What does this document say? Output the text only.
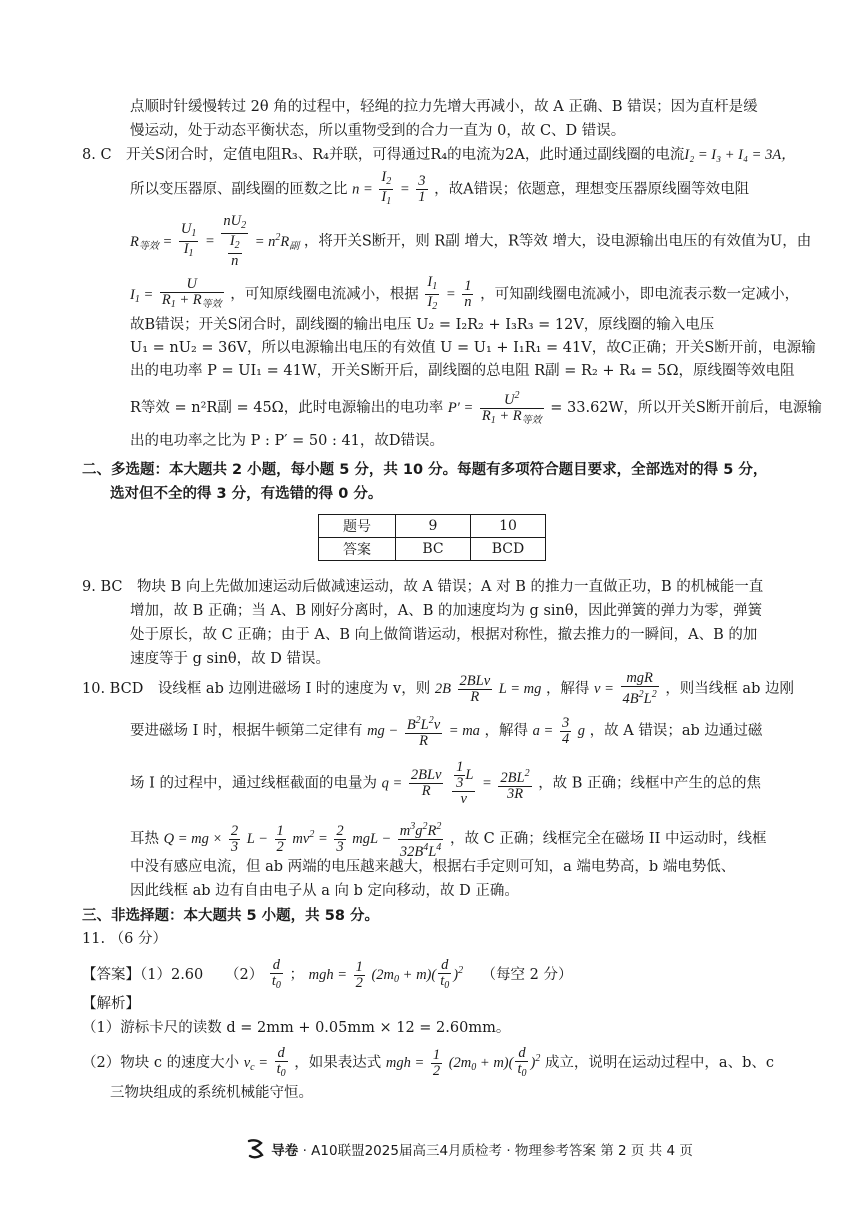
点顺时针缓慢转过 2θ 角的过程中，轻绳的拉力先增大再减小，故 A 正确、B 错误；因为直杆是缓
慢运动，处于动态平衡状态，所以重物受到的合力一直为 0，故 C、D 错误。
8. C　开关S闭合时，定值电阻R₃、R₄并联，可得通过R₄的电流为2A，此时通过副线圈的电流I₂ = I₃ + I₄ = 3A，
所以变压器原、副线圈的匝数之比 $n = \frac{I_2}{I_1} = \frac{3}{1}$ ，故A错误；依题意，理想变压器原线圈等效电阻
$R_{等效} = \frac{U_1}{I_1} = \frac{nU_2}{\frac{I_2}{n}} = n^2R_副$ ，将开关S断开，则 R副 增大，R等效 增大，设电源输出电压的有效值为U，由
$I_1 = \frac{U}{R_1 + R_{等效}}$ ，可知原线圈电流减小，根据 $\frac{I_1}{I_2} = \frac{1}{n}$ ，可知副线圈电流减小，即电流表示数一定减小，
故B错误；开关S闭合时，副线圈的输出电压 U₂ = I₂R₂ + I₃R₃ = 12V，原线圈的输入电压
U₁ = nU₂ = 36V，所以电源输出电压的有效值 U = U₁ + I₁R₁ = 41V，故C正确；开关S断开前，电源输
出的电功率 P = UI₁ = 41W，开关S断开后，副线圈的总电阻 R副 = R₂ + R₄ = 5Ω，原线圈等效电阻
R等效 = n²R副 = 45Ω，此时电源输出的电功率 $P' = \frac{U^2}{R_1 + R_{等效}} = 33.62W$，所以开关S断开前后，电源输
出的电功率之比为 P : P′ = 50 : 41，故D错误。
二、多选题：本大题共 2 小题，每小题 5 分，共 10 分。每题有多项符合题目要求，全部选对的得 5 分，
选对但不全的得 3 分，有选错的得 0 分。
题号	9	10
答案	BC	BCD
9. BC　物块 B 向上先做加速运动后做减速运动，故 A 错误；A 对 B 的推力一直做正功，B 的机械能一直
增加，故 B 正确；当 A、B 刚好分离时，A、B 的加速度均为 g sinθ，因此弹簧的弹力为零，弹簧
处于原长，故 C 正确；由于 A、B 向上做简谐运动，根据对称性，撤去推力的一瞬间，A、B 的加
速度等于 g sinθ，故 D 错误。
10. BCD　设线框 ab 边刚进磁场 I 时的速度为 v，则 $2B \frac{\text{2BLv}}{R}$ L = mg ，解得 $v = \frac{\text{mgR}}{4B^2L^2}$ ，则当线框 ab 边刚
要进磁场 I 时，根据牛顿第二定律有 mg − $\frac{B^2L^2v}{R}$ = ma ，解得 $a = \frac{3}{4}$ g ，故 A 错误；ab 边通过磁
场 I 的过程中，通过线框截面的电量为 $q = \frac{\text{2BLv}}{R}$
$\frac{\frac{1}{3} L}{v} = \frac{2BL^2}{3R}$ ，故 B 正确；线框中产生的总的焦
耳热 Q = mg × $\frac{2}{3}$ $L - \frac{1}{2} mv^2 = \frac{2}{3}$ mgL − $\frac{m^3g^2R^2}{32B^4L^4}$ ，故 C 正确；线框完全在磁场 II 中运动时，线框
中没有感应电流，但 ab 两端的电压越来越大，根据右手定则可知，a 端电势高，b 端电势低、
因此线框 ab 边有自由电子从 a 向 b 定向移动，故 D 正确。
三、非选择题：本大题共 5 小题，共 58 分。
11. （6 分）
【答案】（1）2.60　　$(2) \frac{d}{t_0}$ ； mgh = $\frac{1}{2} (2m_0 + m)( \frac{d}{t_0} )^2$ （每空 2 分）
【解析】
（1）游标卡尺的读数 d = 2mm + 0.05mm × 12 = 2.60mm。
（2）物块 c 的速度大小 $v_c = \frac{d}{t_0}$ ，如果表达式 mgh = $\frac{1}{2} (2m_0 + m)( \frac{d}{t_0} )^2$ 成立，说明在运动过程中，a、b、c
三物块组成的系统机械能守恒。
导卷 · A10联盟2025届高三4月质检考 · 物理参考答案 第 2 页 共 4 页
